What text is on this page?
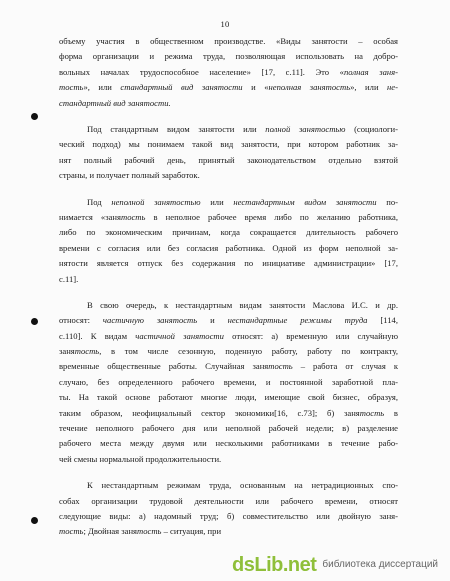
10
объему участия в общественном производстве. «Виды занятости – особая
форма организации и режима труда, позволяющая использовать на добро-
вольных началах трудоспособное население» [17, с.11]. Это «полная заня-
тость», или стандартный вид занятости и «неполная занятость», или не-
стандартный вид занятости.
Под стандартным видом занятости или полной занятостью (социологи-
ческий подход) мы понимаем такой вид занятости, при котором работник за-
нят полный рабочий день, принятый законодательством отдельно взятой
страны, и получает полный заработок.
Под неполной занятостью или нестандартным видом занятости по-
нимается «занятость в неполное рабочее время либо по желанию работника,
либо по экономическим причинам, когда сокращается длительность рабочего
времени с согласия или без согласия работника. Одной из форм неполной за-
нятости является отпуск без содержания по инициативе администрации» [17,
с.11].
В свою очередь, к нестандартным видам занятости Маслова И.С. и др.
относят: частичную занятость и нестандартные режимы труда [114,
с.110]. К видам частичной занятости относят: а) временную или случайную
занятость, в том числе сезонную, поденную работу, работу по контракту,
временные общественные работы. Случайная занятость – работа от случая к
случаю, без определенного рабочего времени, и постоянной заработной пла-
ты. На такой основе работают многие люди, имеющие свой бизнес, образуя,
таким образом, неофициальный сектор экономики[16, с.73]; б) занятость в
течение неполного рабочего дня или неполной рабочей недели; в) разделение
рабочего места между двумя или несколькими работниками в течение рабо-
чей смены нормальной продолжительности.
К нестандартным режимам труда, основанным на нетрадиционных спо-
собах организации трудовой деятельности или рабочего времени, относят
следующие виды: а) надомный труд; б) совместительство или двойную заня-
тость; Двойная занятость – ситуация, при
dsLib.net библиотека диссертаций
